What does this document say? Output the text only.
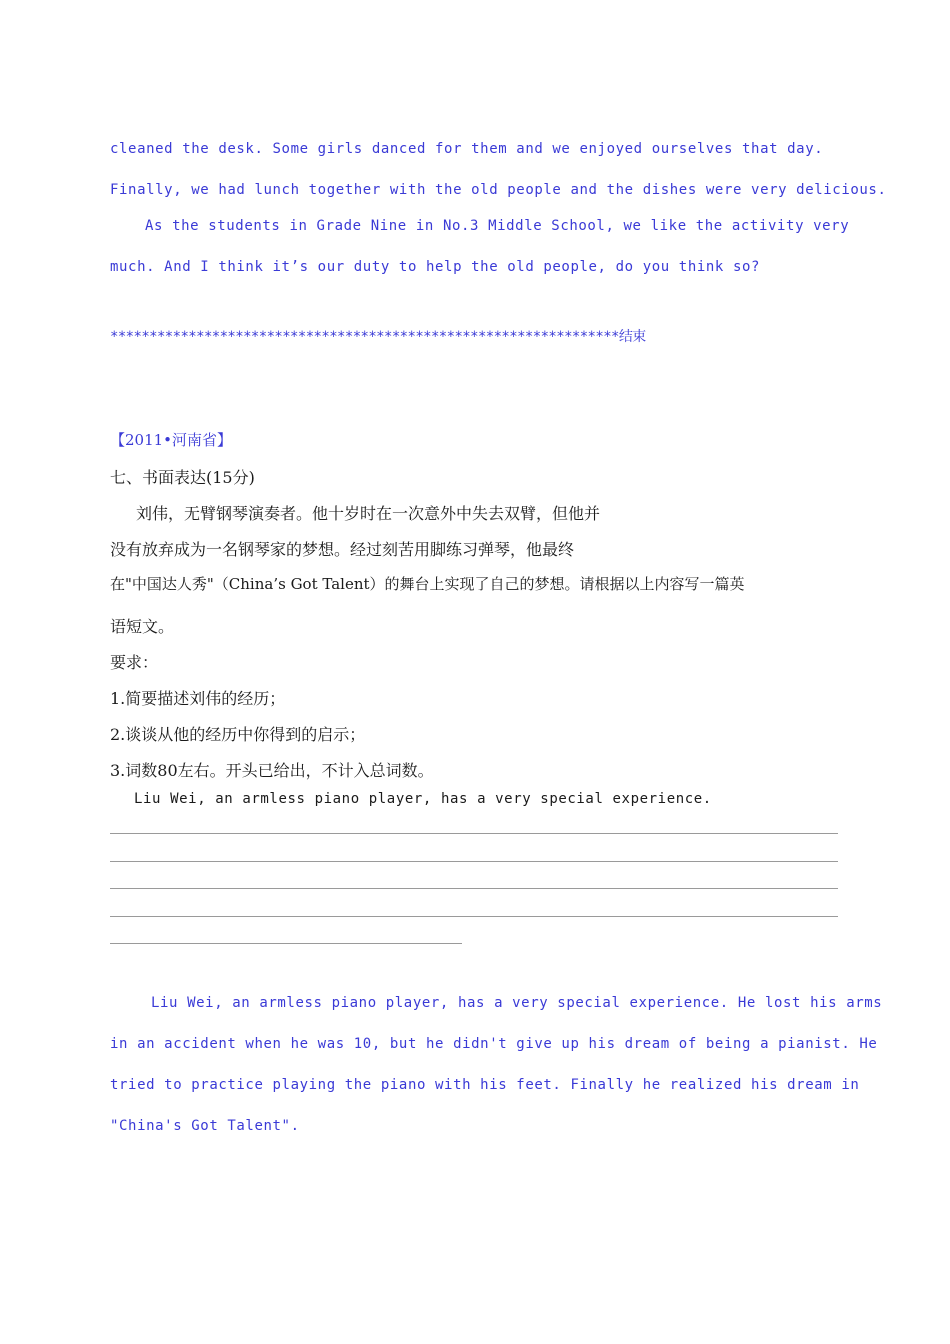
cleaned the desk. Some girls danced for them and we enjoyed ourselves that day.
Finally, we had lunch together with the old people and the dishes were very delicious.
As the students in Grade Nine in No.3 Middle School, we like the activity very
much. And I think it’s our duty to help the old people, do you think so?
*****************************************************************结束
【2011•河南省】
七、书面表达(15分)
刘伟，无臂钢琴演奏者。他十岁时在一次意外中失去双臂，但他并
没有放弃成为一名钢琴家的梦想。经过刻苦用脚练习弹琴，他最终
在"中国达人秀"（China’s Got Talent）的舞台上实现了自己的梦想。请根据以上内容写一篇英
语短文。
要求：
1.简要描述刘伟的经历；
2.谈谈从他的经历中你得到的启示；
3.词数80左右。开头已给出，不计入总词数。
Liu Wei, an armless piano player, has a very special experience.
Liu Wei, an armless piano player, has a very special experience. He lost his arms
in an accident when he was 10, but he didn't give up his dream of being a pianist. He
tried to practice playing the piano with his feet. Finally he realized his dream in
"China's Got Talent".
